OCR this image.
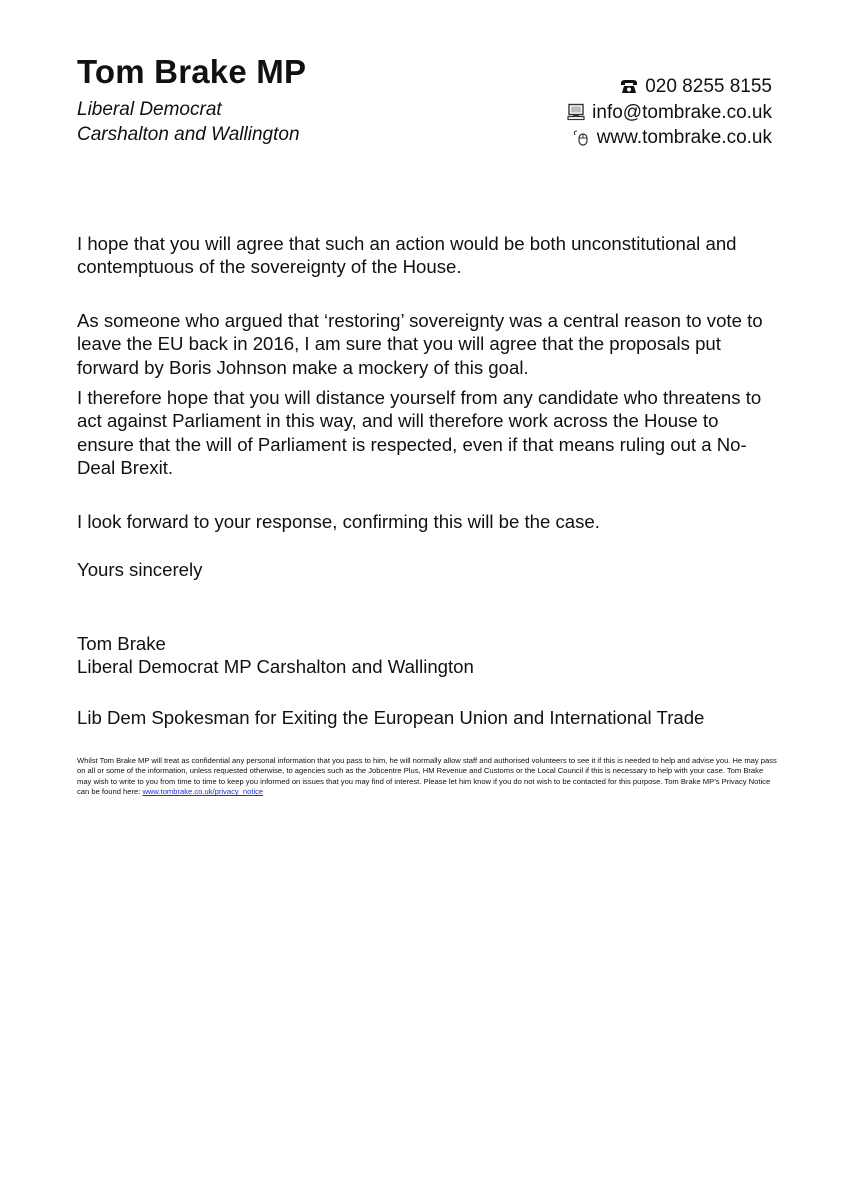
Tom Brake MP
Liberal Democrat
Carshalton and Wallington
020 8255 8155
info@tombrake.co.uk
www.tombrake.co.uk

I hope that you will agree that such an action would be both unconstitutional and contemptuous of the sovereignty of the House.

As someone who argued that ‘restoring’ sovereignty was a central reason to vote to leave the EU back in 2016, I am sure that you will agree that the proposals put forward by Boris Johnson make a mockery of this goal.

I therefore hope that you will distance yourself from any candidate who threatens to act against Parliament in this way, and will therefore work across the House to ensure that the will of Parliament is respected, even if that means ruling out a No-Deal Brexit.

I look forward to your response, confirming this will be the case.

Yours sincerely

Tom Brake
Liberal Democrat MP Carshalton and Wallington

Lib Dem Spokesman for Exiting the European Union and International Trade

Whilst Tom Brake MP will treat as confidential any personal information that you pass to him, he will normally allow staff and authorised volunteers to see it if this is needed to help and advise you. He may pass on all or some of the information, unless requested otherwise, to agencies such as the Jobcentre Plus, HM Revenue and Customs or the Local Council if this is necessary to help with your case. Tom Brake may wish to write to you from time to time to keep you informed on issues that you may find of interest. Please let him know if you do not wish to be contacted for this purpose. Tom Brake MP’s Privacy Notice can be found here: www.tombrake.co.uk/privacy_notice
